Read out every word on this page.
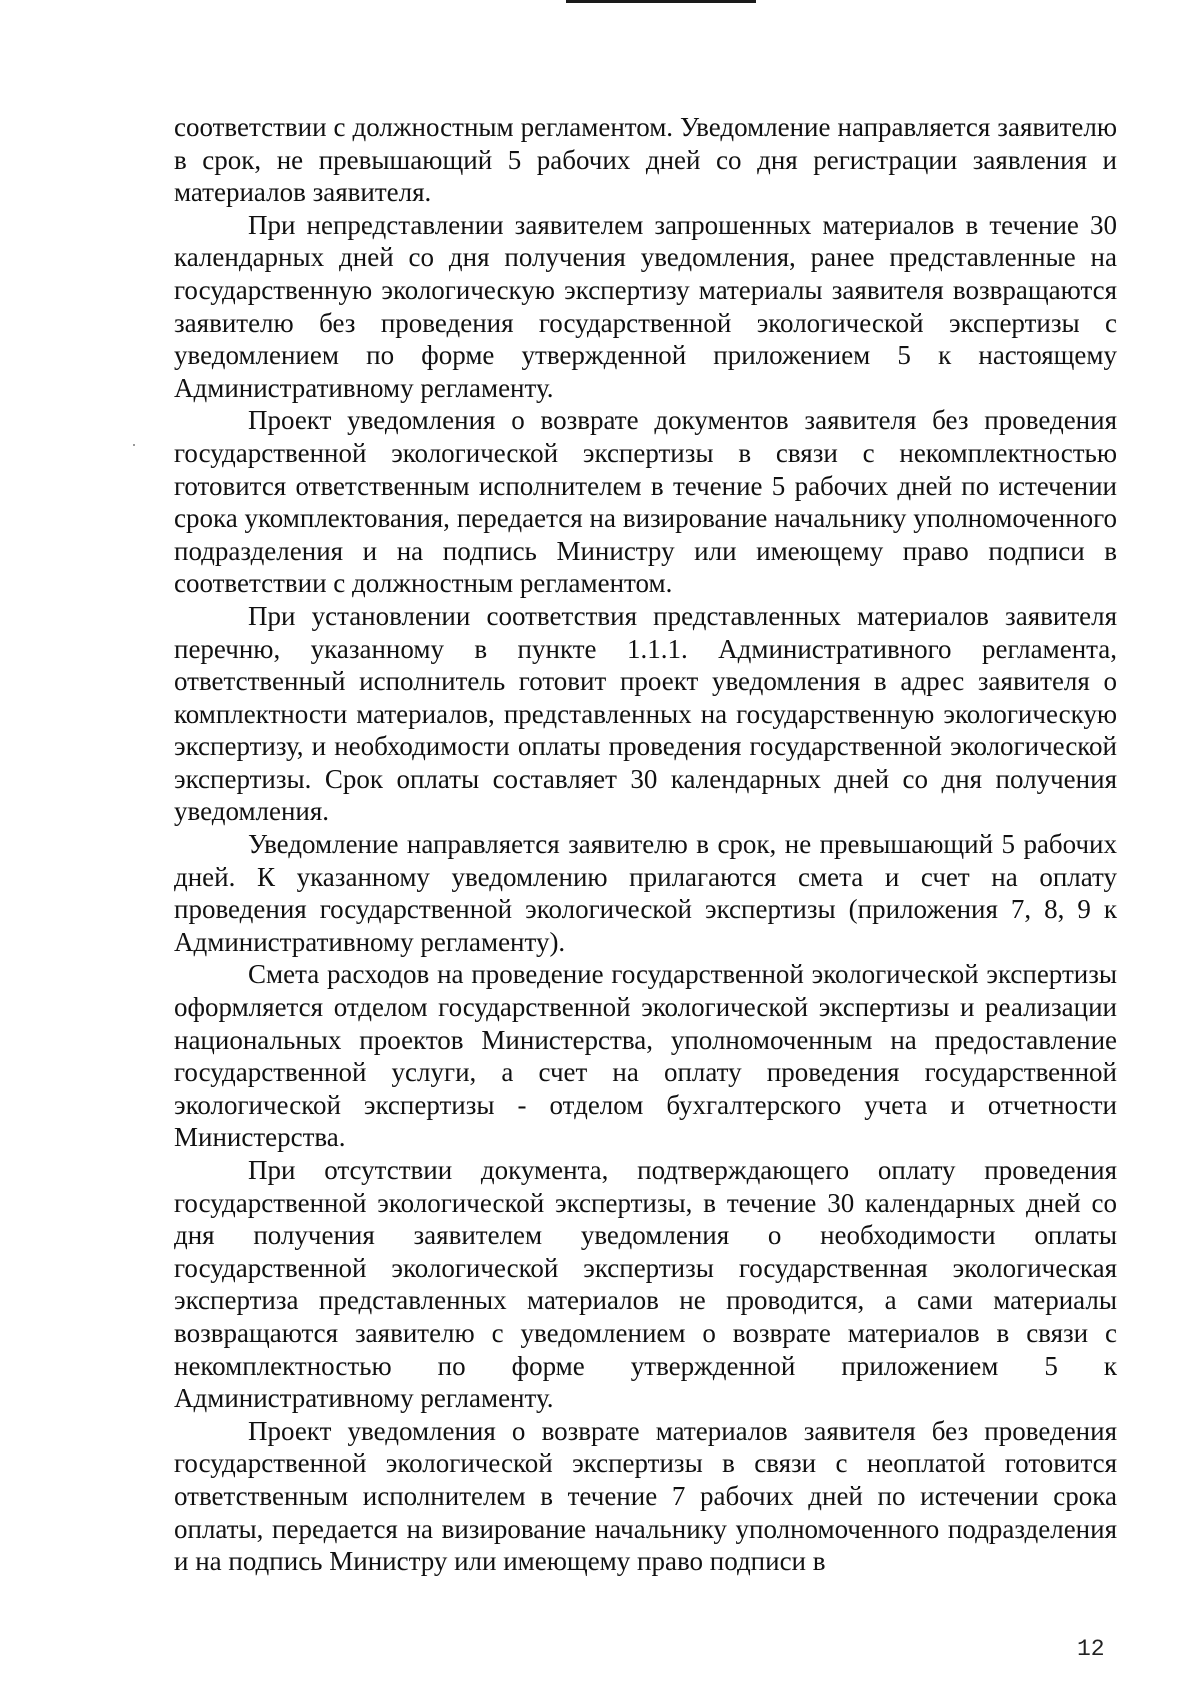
соответствии с должностным регламентом. Уведомление направляется заявителю в срок, не превышающий 5 рабочих дней со дня регистрации заявления и материалов заявителя.

При непредставлении заявителем запрошенных материалов в течение 30 календарных дней со дня получения уведомления, ранее представленные на государственную экологическую экспертизу материалы заявителя возвращаются заявителю без проведения государственной экологической экспертизы с уведомлением по форме утвержденной приложением 5 к настоящему Административному регламенту.

Проект уведомления о возврате документов заявителя без проведения государственной экологической экспертизы в связи с некомплектностью готовится ответственным исполнителем в течение 5 рабочих дней по истечении срока укомплектования, передается на визирование начальнику уполномоченного подразделения и на подпись Министру или имеющему право подписи в соответствии с должностным регламентом.

При установлении соответствия представленных материалов заявителя перечню, указанному в пункте 1.1.1. Административного регламента, ответственный исполнитель готовит проект уведомления в адрес заявителя о комплектности материалов, представленных на государственную экологическую экспертизу, и необходимости оплаты проведения государственной экологической экспертизы. Срок оплаты составляет 30 календарных дней со дня получения уведомления.

Уведомление направляется заявителю в срок, не превышающий 5 рабочих дней. К указанному уведомлению прилагаются смета и счет на оплату проведения государственной экологической экспертизы (приложения 7, 8, 9 к Административному регламенту).

Смета расходов на проведение государственной экологической экспертизы оформляется отделом государственной экологической экспертизы и реализации национальных проектов Министерства, уполномоченным на предоставление государственной услуги, а счет на оплату проведения государственной экологической экспертизы - отделом бухгалтерского учета и отчетности Министерства.

При отсутствии документа, подтверждающего оплату проведения государственной экологической экспертизы, в течение 30 календарных дней со дня получения заявителем уведомления о необходимости оплаты государственной экологической экспертизы государственная экологическая экспертиза представленных материалов не проводится, а сами материалы возвращаются заявителю с уведомлением о возврате материалов в связи с некомплектностью по форме утвержденной приложением 5 к Административному регламенту.

Проект уведомления о возврате материалов заявителя без проведения государственной экологической экспертизы в связи с неоплатой готовится ответственным исполнителем в течение 7 рабочих дней по истечении срока оплаты, передается на визирование начальнику уполномоченного подразделения и на подпись Министру или имеющему право подписи в

12
